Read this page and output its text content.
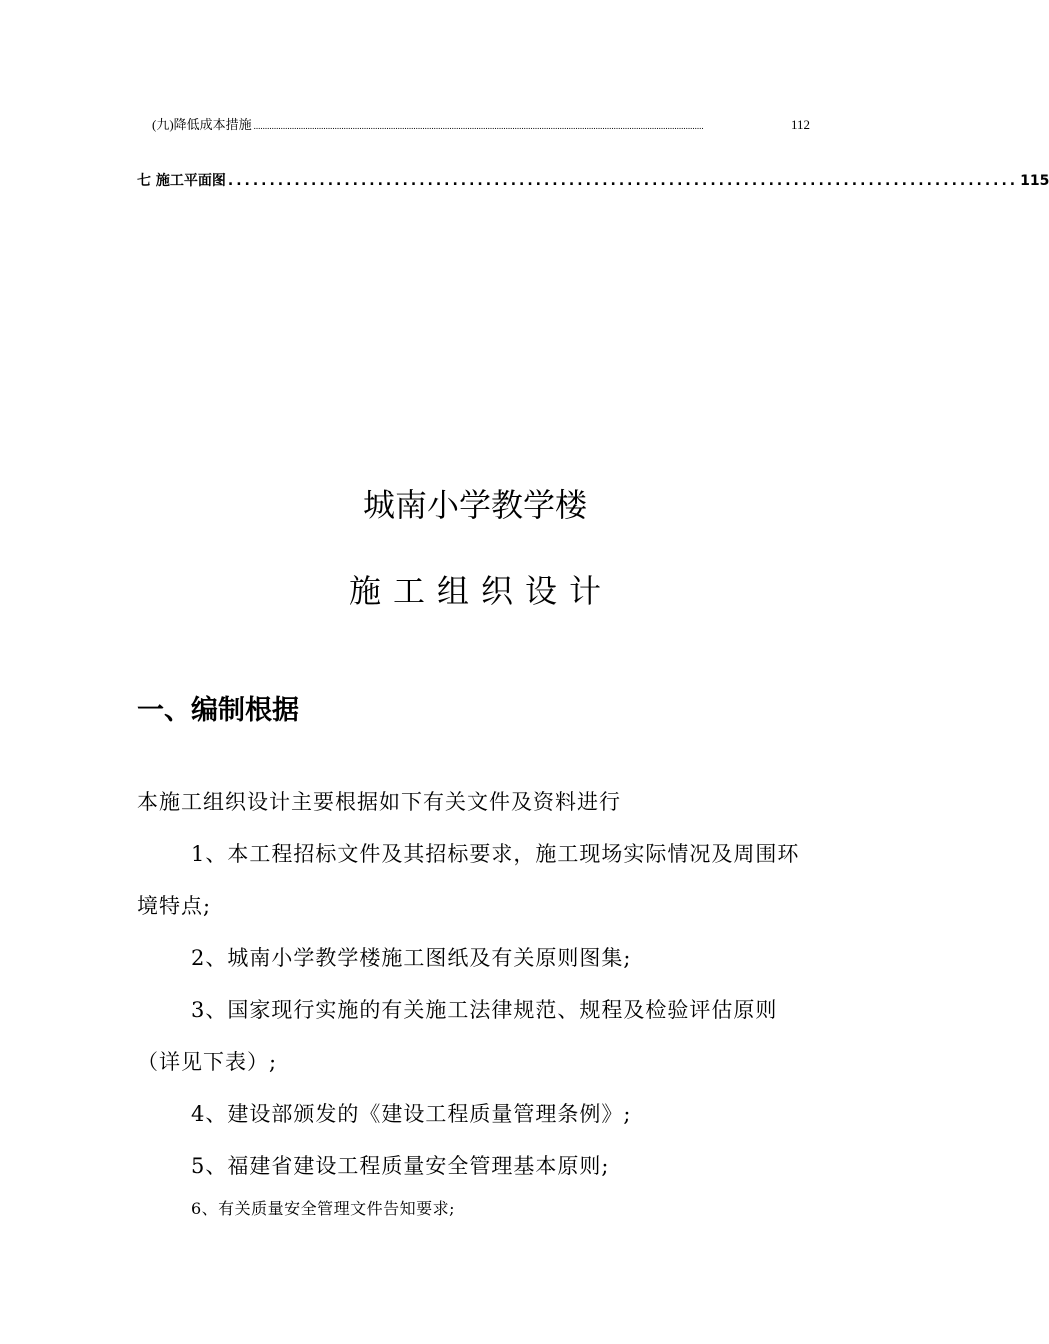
(九)降低成本措施 ........................................................................................................................................................................................................	112
七 施工平面图 ............................................................................................... 115
城南小学教学楼
施工组织设计
一、编制根据
本施工组织设计主要根据如下有关文件及资料进行
1、本工程招标文件及其招标要求，施工现场实际情况及周围环境特点;
2、城南小学教学楼施工图纸及有关原则图集;
3、国家现行实施的有关施工法律规范、规程及检验评估原则（详见下表）;
4、建设部颁发的《建设工程质量管理条例》;
5、福建省建设工程质量安全管理基本原则;
6、有关质量安全管理文件告知要求;
